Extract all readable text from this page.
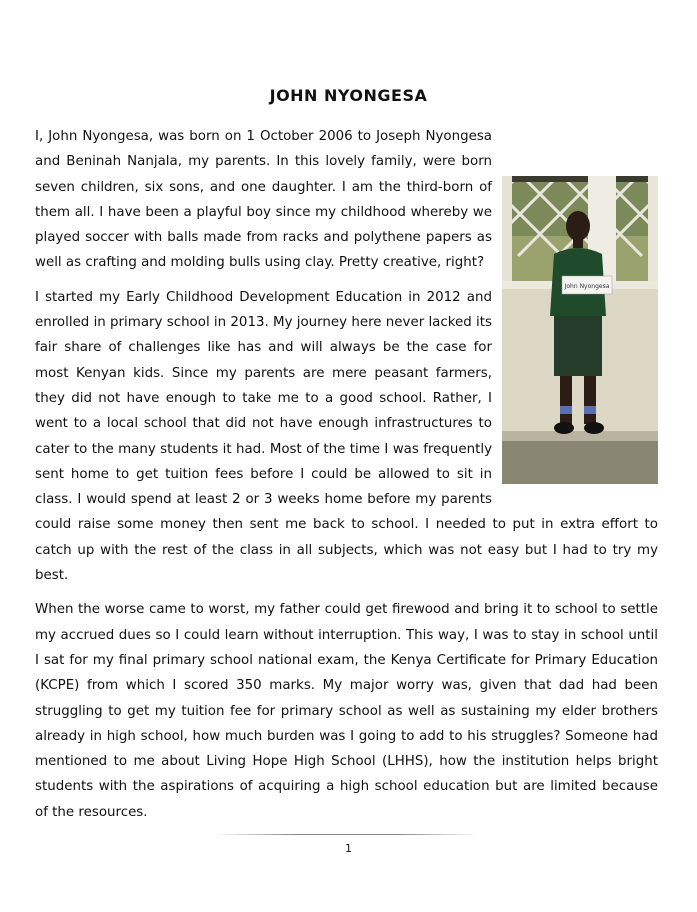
JOHN NYONGESA
John Nyongesa

I, John Nyongesa, was born on 1 October 2006 to Joseph Nyongesa and Beninah Nanjala, my parents. In this lovely family, were born seven children, six sons, and one daughter. I am the third-born of them all. I have been a playful boy since my childhood whereby we played soccer with balls made from racks and polythene papers as well as crafting and molding bulls using clay. Pretty creative, right?

I started my Early Childhood Development Education in 2012 and enrolled in primary school in 2013. My journey here never lacked its fair share of challenges like has and will always be the case for most Kenyan kids. Since my parents are mere peasant farmers, they did not have enough to take me to a good school. Rather, I went to a local school that did not have enough infrastructures to cater to the many students it had. Most of the time I was frequently sent home to get tuition fees before I could be allowed to sit in class. I would spend at least 2 or 3 weeks home before my parents could raise some money then sent me back to school. I needed to put in extra effort to catch up with the rest of the class in all subjects, which was not easy but I had to try my best.

When the worse came to worst, my father could get firewood and bring it to school to settle my accrued dues so I could learn without interruption. This way, I was to stay in school until I sat for my final primary school national exam, the Kenya Certificate for Primary Education (KCPE) from which I scored 350 marks. My major worry was, given that dad had been struggling to get my tuition fee for primary school as well as sustaining my elder brothers already in high school, how much burden was I going to add to his struggles? Someone had mentioned to me about Living Hope High School (LHHS), how the institution helps bright students with the aspirations of acquiring a high school education but are limited because of the resources.

1
